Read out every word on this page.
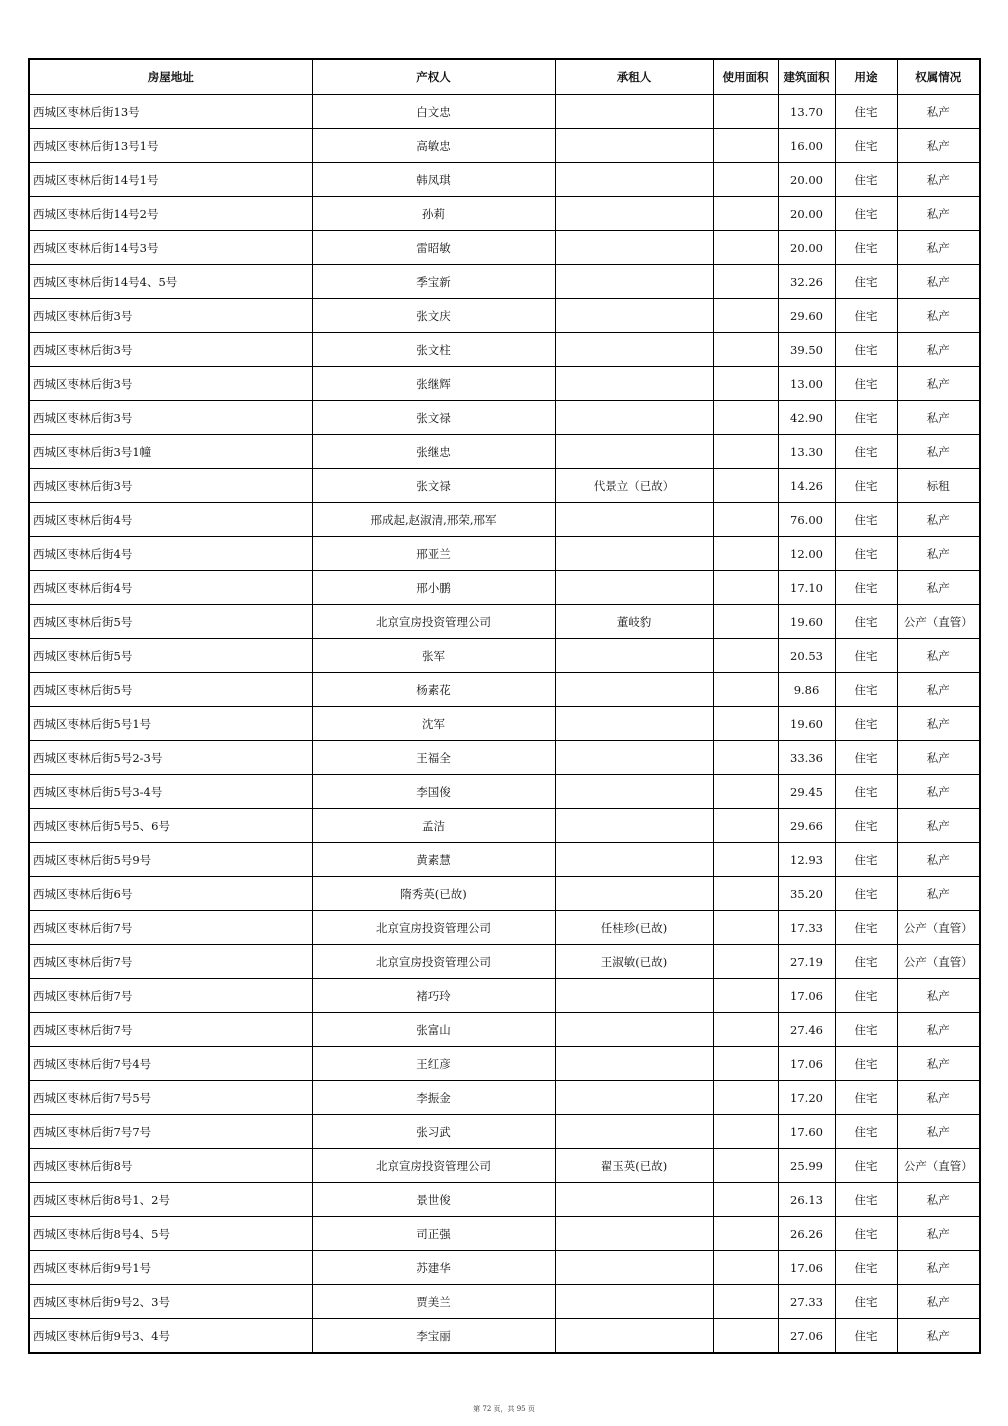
房屋地址	产权人	承租人	使用面积	建筑面积	用途	权属情况
西城区枣林后街13号	白文忠			13.70	住宅	私产
西城区枣林后街13号1号	高敏忠			16.00	住宅	私产
西城区枣林后街14号1号	韩凤琪			20.00	住宅	私产
西城区枣林后街14号2号	孙莉			20.00	住宅	私产
西城区枣林后街14号3号	雷昭敏			20.00	住宅	私产
西城区枣林后街14号4、5号	季宝新			32.26	住宅	私产
西城区枣林后街3号	张文庆			29.60	住宅	私产
西城区枣林后街3号	张文柱			39.50	住宅	私产
西城区枣林后街3号	张继辉			13.00	住宅	私产
西城区枣林后街3号	张文禄			42.90	住宅	私产
西城区枣林后街3号1幢	张继忠			13.30	住宅	私产
西城区枣林后街3号	张文禄	代景立（已故）		14.26	住宅	标租
西城区枣林后街4号	邢成起,赵淑清,邢荣,邢军			76.00	住宅	私产
西城区枣林后街4号	邢亚兰			12.00	住宅	私产
西城区枣林后街4号	邢小鹏			17.10	住宅	私产
西城区枣林后街5号	北京宣房投资管理公司	董岐豹		19.60	住宅	公产（直管）
西城区枣林后街5号	张军			20.53	住宅	私产
西城区枣林后街5号	杨素花			9.86	住宅	私产
西城区枣林后街5号1号	沈军			19.60	住宅	私产
西城区枣林后街5号2-3号	王福全			33.36	住宅	私产
西城区枣林后街5号3-4号	李国俊			29.45	住宅	私产
西城区枣林后街5号5、6号	孟洁			29.66	住宅	私产
西城区枣林后街5号9号	黄素慧			12.93	住宅	私产
西城区枣林后街6号	隋秀英(已故)			35.20	住宅	私产
西城区枣林后街7号	北京宣房投资管理公司	任桂珍(已故)		17.33	住宅	公产（直管）
西城区枣林后街7号	北京宣房投资管理公司	王淑敏(已故)		27.19	住宅	公产（直管）
西城区枣林后街7号	褚巧玲			17.06	住宅	私产
西城区枣林后街7号	张富山			27.46	住宅	私产
西城区枣林后街7号4号	王红彦			17.06	住宅	私产
西城区枣林后街7号5号	李振金			17.20	住宅	私产
西城区枣林后街7号7号	张习武			17.60	住宅	私产
西城区枣林后街8号	北京宣房投资管理公司	翟玉英(已故)		25.99	住宅	公产（直管）
西城区枣林后街8号1、2号	景世俊			26.13	住宅	私产
西城区枣林后街8号4、5号	司正强			26.26	住宅	私产
西城区枣林后街9号1号	苏建华			17.06	住宅	私产
西城区枣林后街9号2、3号	贾美兰			27.33	住宅	私产
西城区枣林后街9号3、4号	李宝丽			27.06	住宅	私产
第 72 页，共 95 页
